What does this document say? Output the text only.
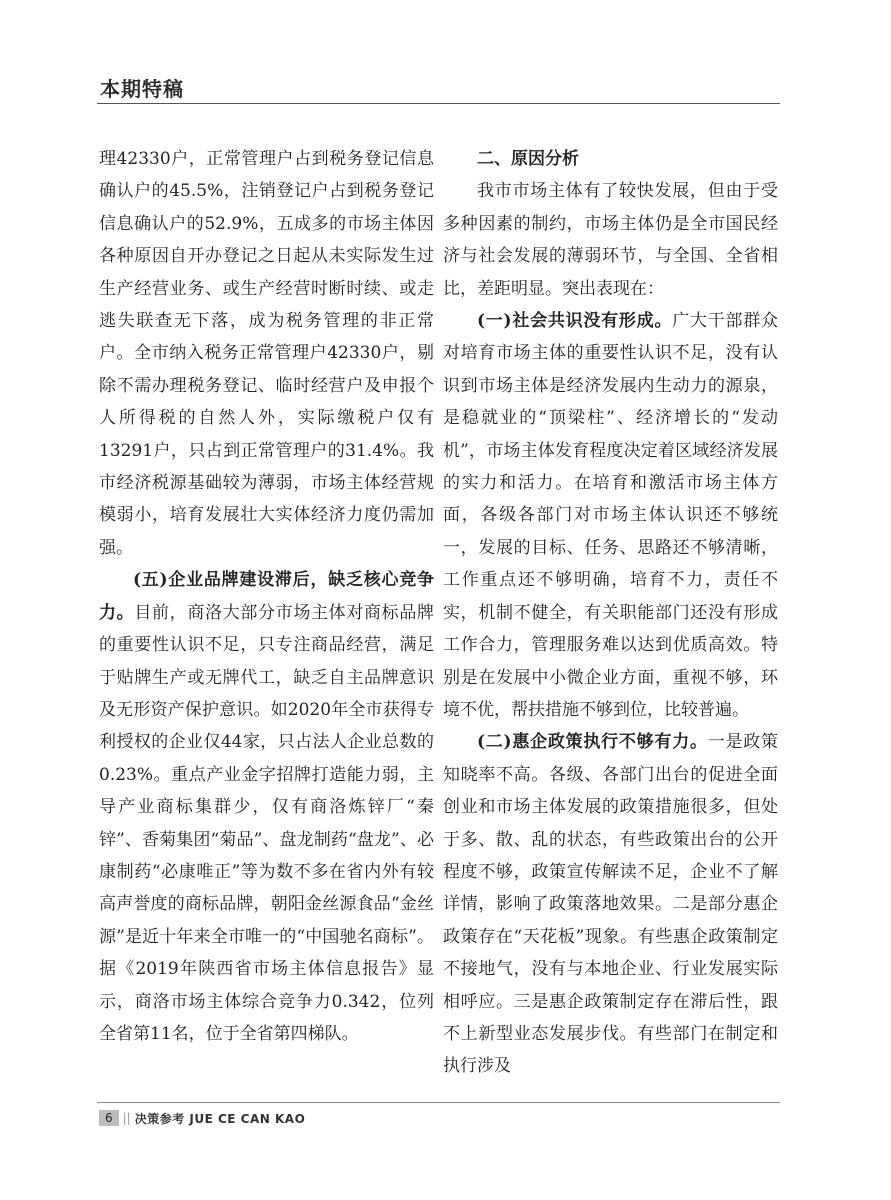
本期特稿

理42330户，正常管理户占到税务登记信息确认户的45.5%，注销登记户占到税务登记信息确认户的52.9%，五成多的市场主体因各种原因自开办登记之日起从未实际发生过生产经营业务、或生产经营时断时续、或走逃失联查无下落，成为税务管理的非正常户。全市纳入税务正常管理户42330户，剔除不需办理税务登记、临时经营户及申报个人所得税的自然人外，实际缴税户仅有13291户，只占到正常管理户的31.4%。我市经济税源基础较为薄弱，市场主体经营规模弱小，培育发展壮大实体经济力度仍需加强。

(五)企业品牌建设滞后，缺乏核心竞争力。目前，商洛大部分市场主体对商标品牌的重要性认识不足，只专注商品经营，满足于贴牌生产或无牌代工，缺乏自主品牌意识及无形资产保护意识。如2020年全市获得专利授权的企业仅44家，只占法人企业总数的0.23%。重点产业金字招牌打造能力弱，主导产业商标集群少，仅有商洛炼锌厂“秦锌”、香菊集团“菊品”、盘龙制药“盘龙”、必康制药“必康唯正”等为数不多在省内外有较高声誉度的商标品牌，朝阳金丝源食品“金丝源”是近十年来全市唯一的“中国驰名商标”。据《2019年陕西省市场主体信息报告》显示，商洛市场主体综合竞争力0.342，位列全省第11名，位于全省第四梯队。

二、原因分析

我市市场主体有了较快发展，但由于受多种因素的制约，市场主体仍是全市国民经济与社会发展的薄弱环节，与全国、全省相比，差距明显。突出表现在：

(一)社会共识没有形成。广大干部群众对培育市场主体的重要性认识不足，没有认识到市场主体是经济发展内生动力的源泉，是稳就业的“顶梁柱”、经济增长的“发动机”，市场主体发育程度决定着区域经济发展的实力和活力。在培育和激活市场主体方面，各级各部门对市场主体认识还不够统一，发展的目标、任务、思路还不够清晰，工作重点还不够明确，培育不力，责任不实，机制不健全，有关职能部门还没有形成工作合力，管理服务难以达到优质高效。特别是在发展中小微企业方面，重视不够，环境不优，帮扶措施不够到位，比较普遍。

(二)惠企政策执行不够有力。一是政策知晓率不高。各级、各部门出台的促进全面创业和市场主体发展的政策措施很多，但处于多、散、乱的状态，有些政策出台的公开程度不够，政策宣传解读不足，企业不了解详情，影响了政策落地效果。二是部分惠企政策存在“天花板”现象。有些惠企政策制定不接地气，没有与本地企业、行业发展实际相呼应。三是惠企政策制定存在滞后性，跟不上新型业态发展步伐。有些部门在制定和执行涉及

6 || 决策参考 JUE CE CAN KAO
